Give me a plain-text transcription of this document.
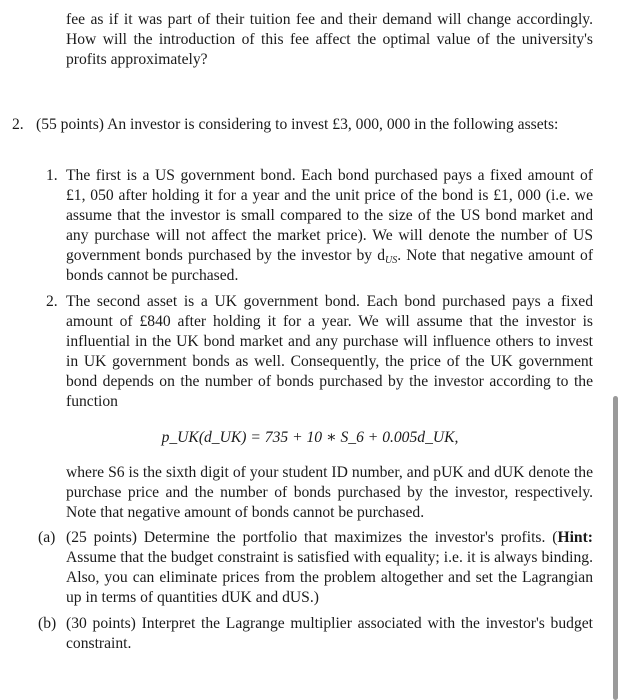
fee as if it was part of their tuition fee and their demand will change accordingly. How will the introduction of this fee affect the optimal value of the university's profits approximately?

2. (55 points) An investor is considering to invest £3, 000, 000 in the following assets:

1. The first is a US government bond. Each bond purchased pays a fixed amount of £1, 050 after holding it for a year and the unit price of the bond is £1, 000 (i.e. we assume that the investor is small compared to the size of the US bond market and any purchase will not affect the market price). We will denote the number of US government bonds purchased by the investor by $d_{US}$. Note that negative amount of bonds cannot be purchased.

2. The second asset is a UK government bond. Each bond purchased pays a fixed amount of £840 after holding it for a year. We will assume that the investor is influential in the UK bond market and any purchase will influence others to invest in UK government bonds as well. Consequently, the price of the UK government bond depends on the number of bonds purchased by the investor according to the function

p_UK(d_UK) = 735 + 10 ∗ S_6 + 0.005d_UK,

where S6 is the sixth digit of your student ID number, and pUK and dUK denote the purchase price and the number of bonds purchased by the investor, respectively. Note that negative amount of bonds cannot be purchased.

(a) (25 points) Determine the portfolio that maximizes the investor's profits. (Hint: Assume that the budget constraint is satisfied with equality; i.e. it is always binding. Also, you can eliminate prices from the problem altogether and set the Lagrangian up in terms of quantities dUK and dUS.)

(b) (30 points) Interpret the Lagrange multiplier associated with the investor's budget constraint.
